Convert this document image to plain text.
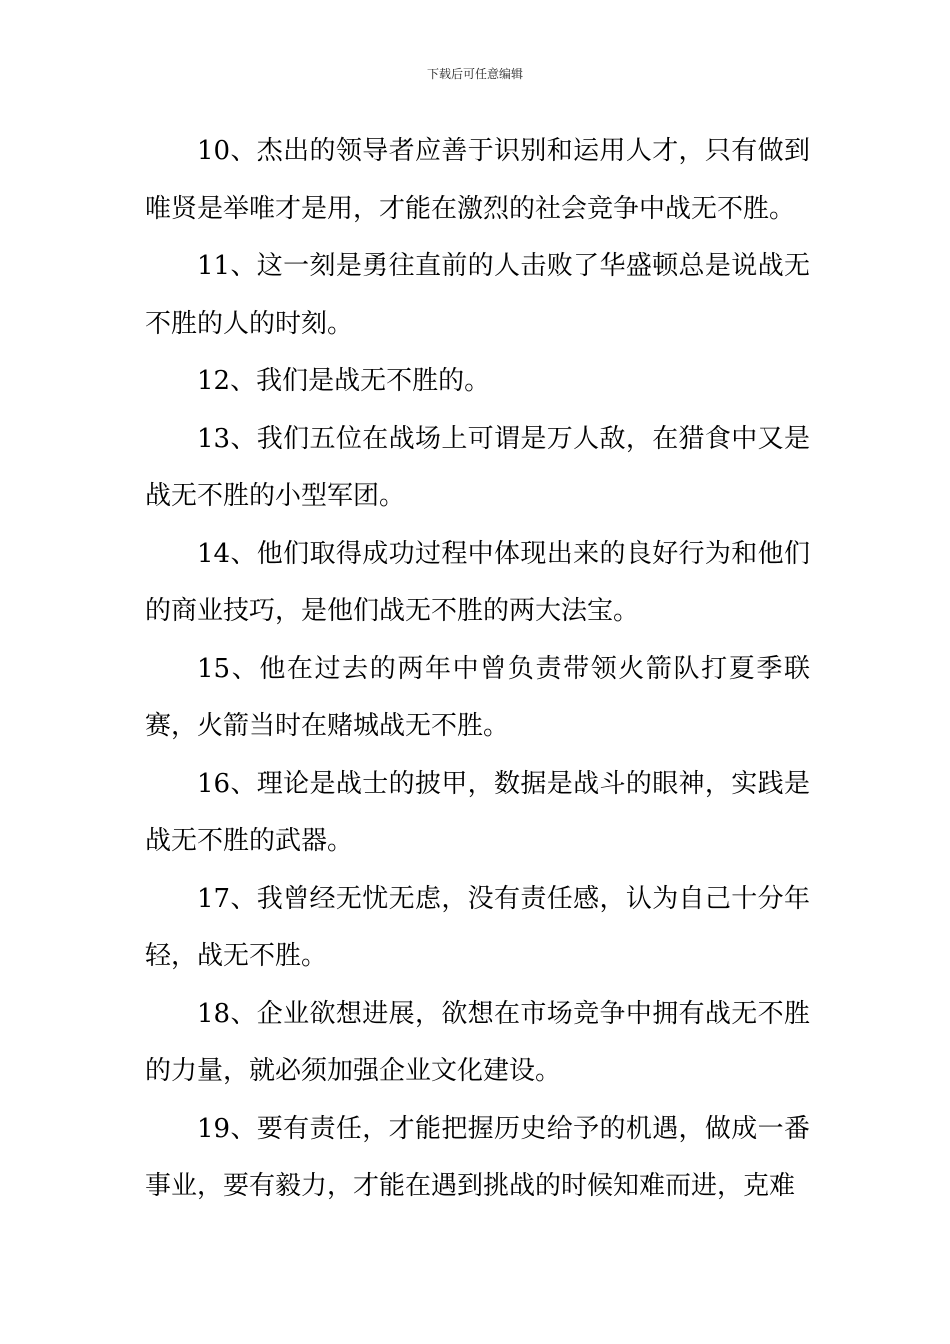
下载后可任意编辑

10、杰出的领导者应善于识别和运用人才，只有做到唯贤是举唯才是用，才能在激烈的社会竞争中战无不胜。

11、这一刻是勇往直前的人击败了华盛顿总是说战无不胜的人的时刻。

12、我们是战无不胜的。

13、我们五位在战场上可谓是万人敌，在猎食中又是战无不胜的小型军团。

14、他们取得成功过程中体现出来的良好行为和他们的商业技巧，是他们战无不胜的两大法宝。

15、他在过去的两年中曾负责带领火箭队打夏季联赛，火箭当时在赌城战无不胜。

16、理论是战士的披甲，数据是战斗的眼神，实践是战无不胜的武器。

17、我曾经无忧无虑，没有责任感，认为自己十分年轻，战无不胜。

18、企业欲想进展，欲想在市场竞争中拥有战无不胜的力量，就必须加强企业文化建设。

19、要有责任，才能把握历史给予的机遇，做成一番事业，要有毅力，才能在遇到挑战的时候知难而进，克难
